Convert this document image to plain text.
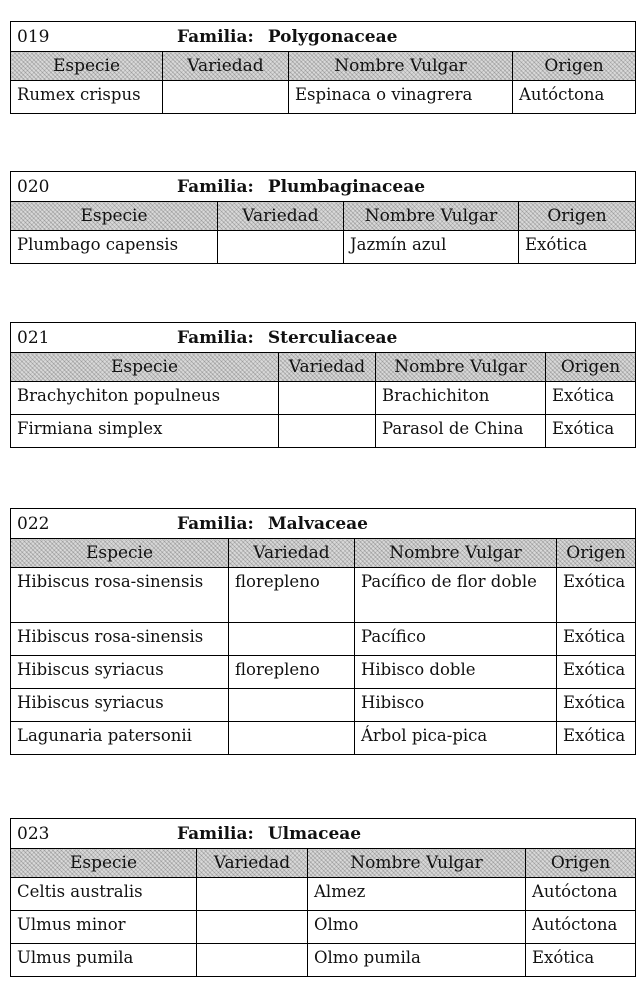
019 Familia: Polygonaceae			
Especie	Variedad	Nombre Vulgar	Origen
Rumex crispus		Espinaca o vinagrera	Autóctona
020 Familia: Plumbaginaceae			
Especie	Variedad	Nombre Vulgar	Origen
Plumbago capensis		Jazmín azul	Exótica
021 Familia: Sterculiaceae			
Especie	Variedad	Nombre Vulgar	Origen
Brachychiton populneus		Brachichiton	Exótica
Firmiana simplex		Parasol de China	Exótica
022 Familia: Malvaceae			
Especie	Variedad	Nombre Vulgar	Origen
Hibiscus rosa-sinensis	florepleno	Pacífico de flor doble	Exótica
Hibiscus rosa-sinensis		Pacífico	Exótica
Hibiscus syriacus	florepleno	Hibisco doble	Exótica
Hibiscus syriacus		Hibisco	Exótica
Lagunaria patersonii		Árbol pica-pica	Exótica
023 Familia: Ulmaceae			
Especie	Variedad	Nombre Vulgar	Origen
Celtis australis		Almez	Autóctona
Ulmus minor		Olmo	Autóctona
Ulmus pumila		Olmo pumila	Exótica
